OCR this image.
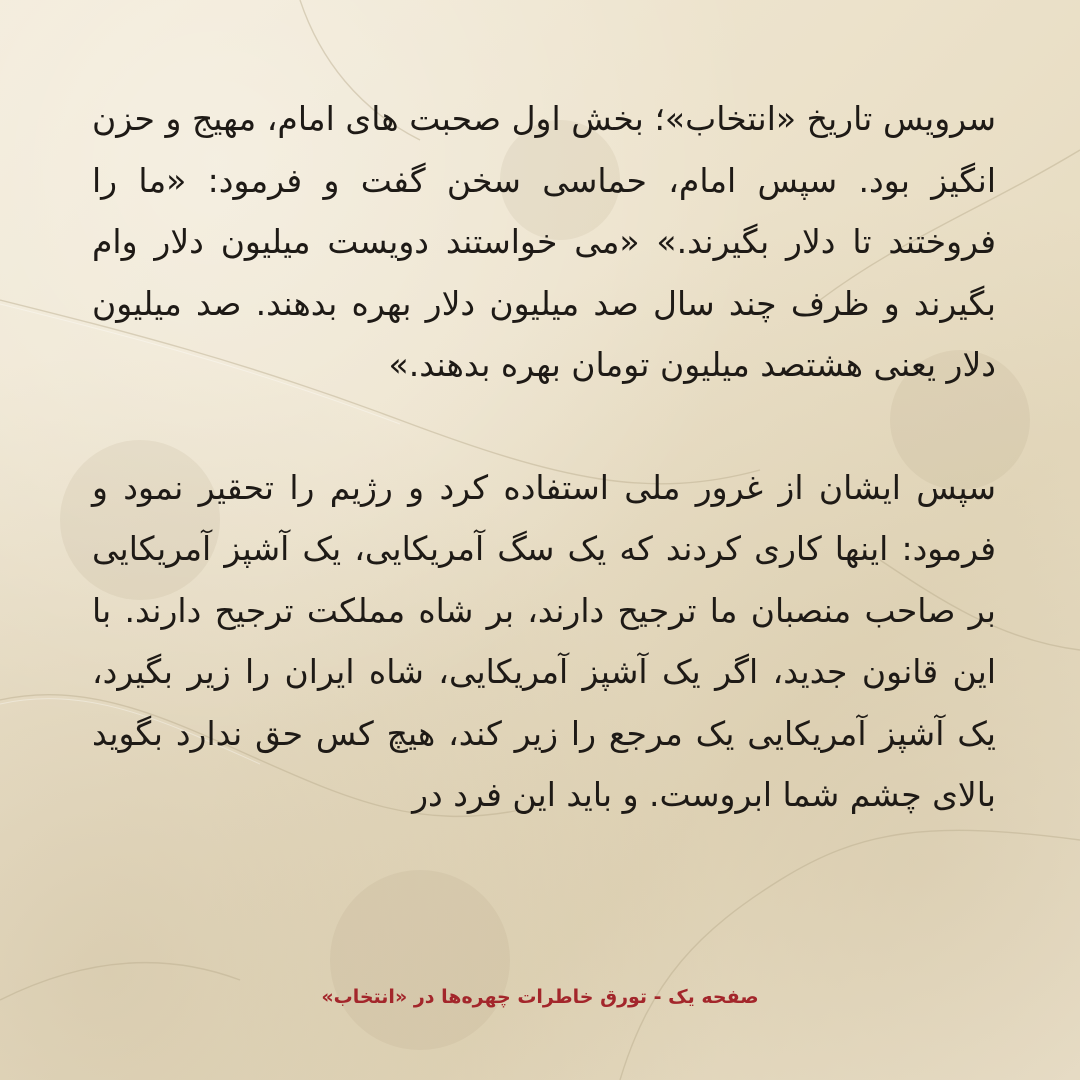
سرویس تاریخ «انتخاب»؛ بخش اول صحبت های امام، مهیج و حزن انگیز بود. سپس امام، حماسی سخن گفت و فرمود: «ما را فروختند تا دلار بگیرند.» «می خواستند دویست میلیون دلار وام بگیرند و ظرف چند سال صد میلیون دلار بهره بدهند. صد میلیون دلار یعنی هشتصد میلیون تومان بهره بدهند.»

سپس ایشان از غرور ملی استفاده کرد و رژیم را تحقیر نمود و فرمود: اینها کاری کردند که یک سگ آمریکایی، یک آشپز آمریکایی بر صاحب منصبان ما ترجیح دارند، بر شاه مملکت ترجیح دارند. با این قانون جدید، اگر یک آشپز آمریکایی، شاه ایران را زیر بگیرد، یک آشپز آمریکایی یک مرجع را زیر کند، هیچ کس حق ندارد بگوید بالای چشم شما ابروست. و باید این فرد در

صفحه یک - تورق خاطرات چهره‌ها در «انتخاب»
